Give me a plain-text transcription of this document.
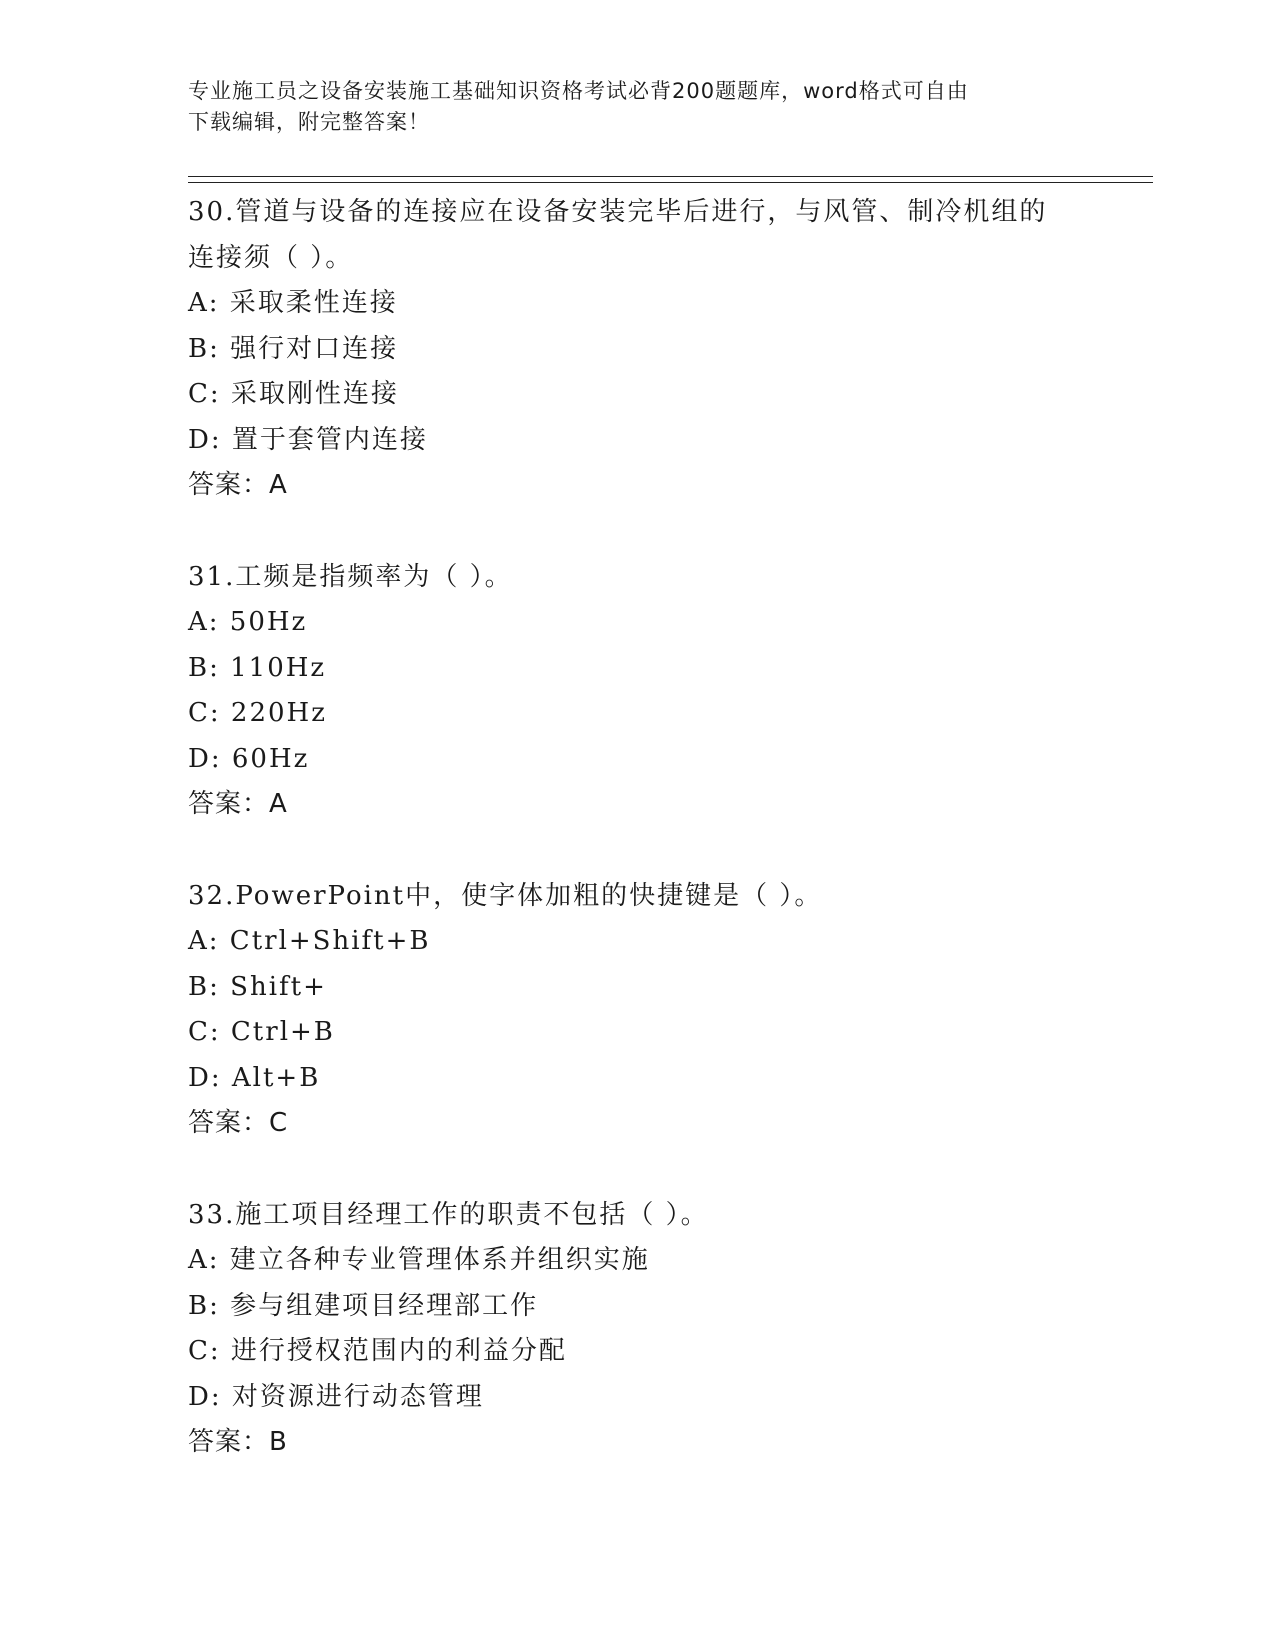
专业施工员之设备安装施工基础知识资格考试必背200题题库，word格式可自由
下载编辑，附完整答案！
30.管道与设备的连接应在设备安装完毕后进行，与风管、制冷机组的
连接须（ ）。
A: 采取柔性连接
B: 强行对口连接
C: 采取刚性连接
D: 置于套管内连接
答案：A
31.工频是指频率为（ ）。
A: 50Hz
B: 110Hz
C: 220Hz
D: 60Hz
答案：A
32.PowerPoint中，使字体加粗的快捷键是（ ）。
A: Ctrl+Shift+B
B: Shift+
C: Ctrl+B
D: Alt+B
答案：C
33.施工项目经理工作的职责不包括（ ）。
A: 建立各种专业管理体系并组织实施
B: 参与组建项目经理部工作
C: 进行授权范围内的利益分配
D: 对资源进行动态管理
答案：B
